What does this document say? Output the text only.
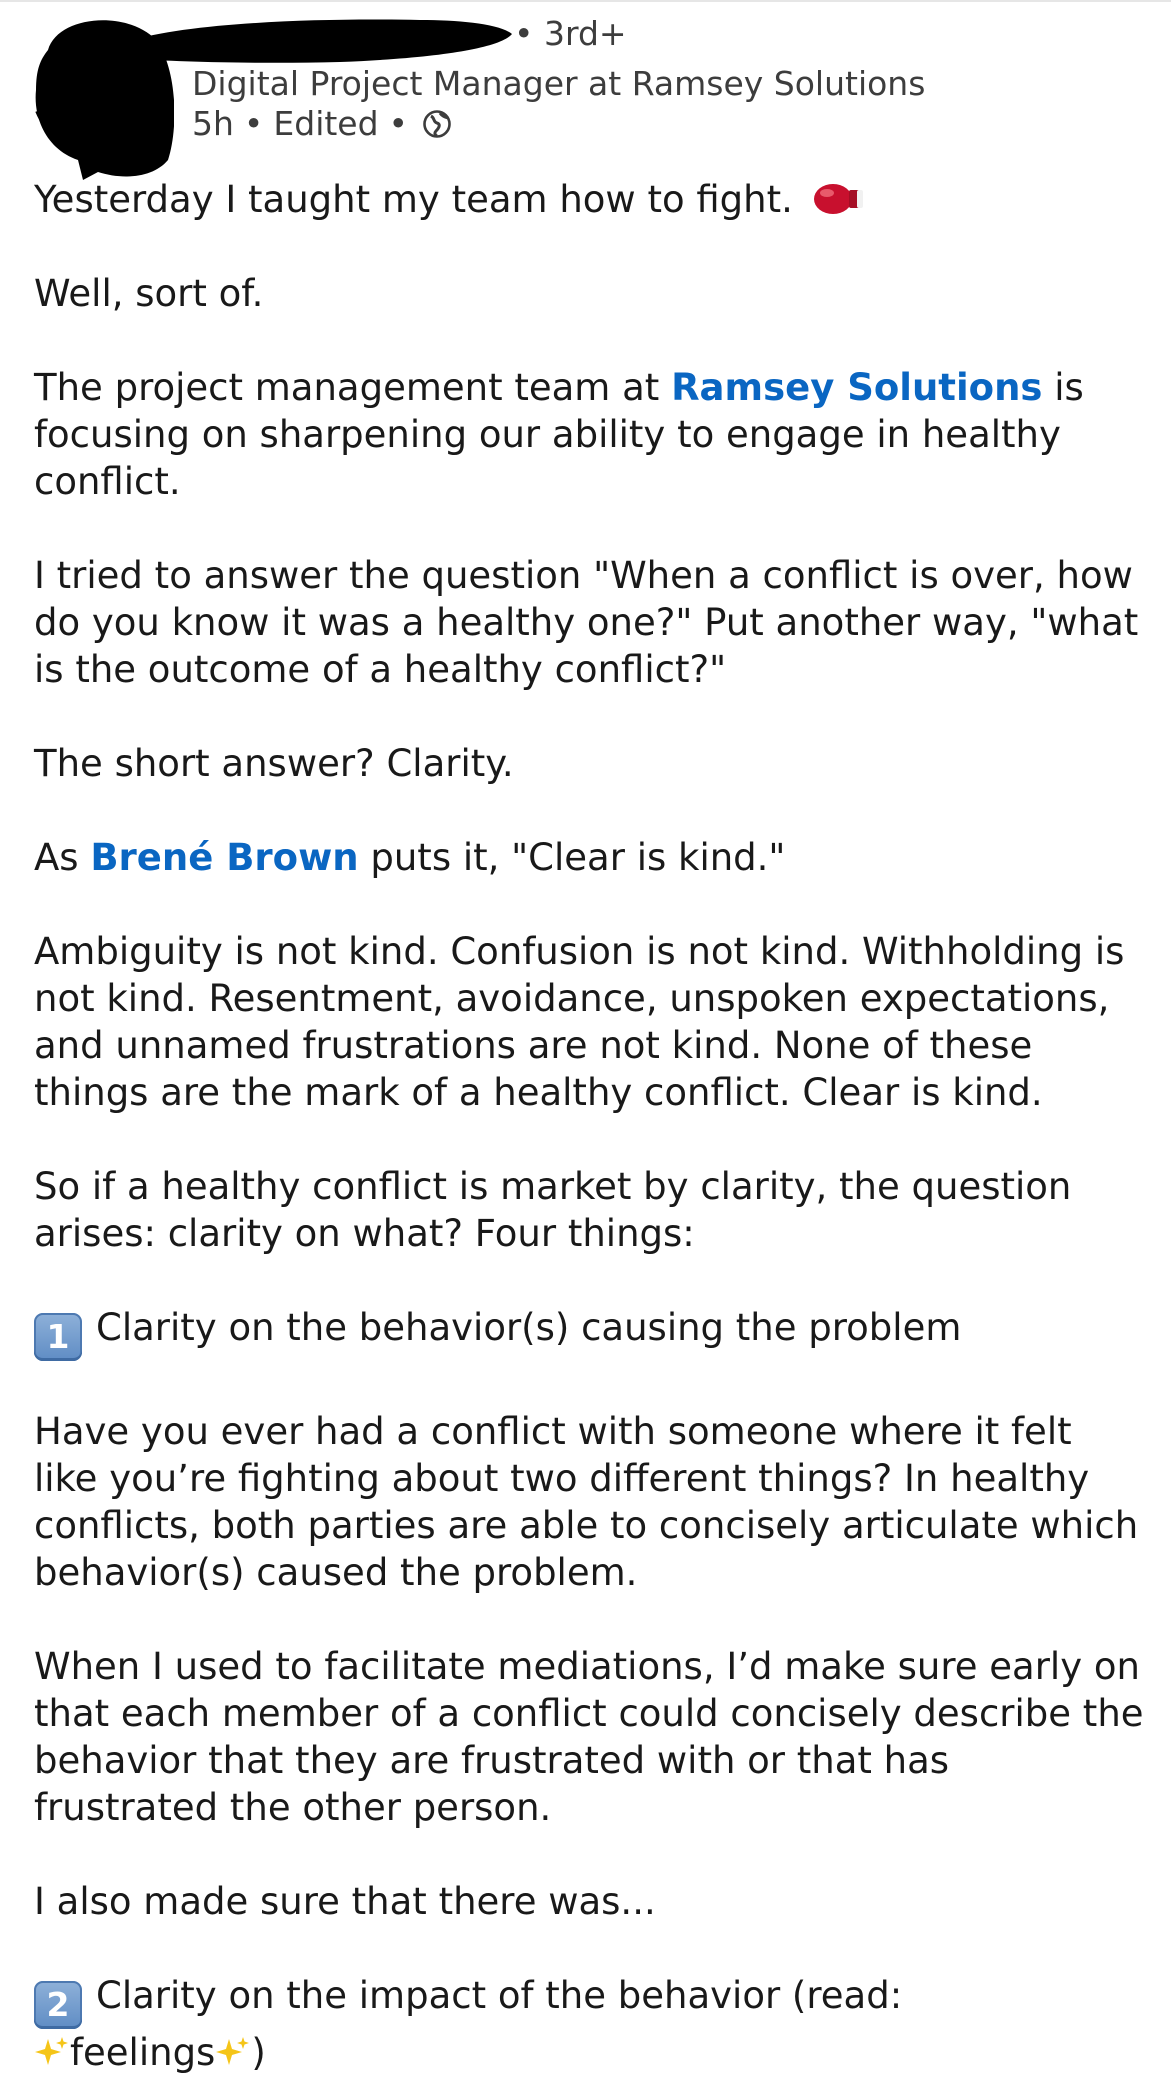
• 3rd+
Digital Project Manager at Ramsey Solutions
5h • Edited •

Yesterday I taught my team how to fight.

Well, sort of.

The project management team at Ramsey Solutions is focusing on sharpening our ability to engage in healthy conflict.

I tried to answer the question "When a conflict is over, how do you know it was a healthy one?" Put another way, "what is the outcome of a healthy conflict?"

The short answer? Clarity.

As Brené Brown puts it, "Clear is kind."

Ambiguity is not kind. Confusion is not kind. Withholding is not kind. Resentment, avoidance, unspoken expectations, and unnamed frustrations are not kind. None of these things are the mark of a healthy conflict. Clear is kind.

So if a healthy conflict is market by clarity, the question arises: clarity on what? Four things:

1 Clarity on the behavior(s) causing the problem

Have you ever had a conflict with someone where it felt like you’re fighting about two different things? In healthy conflicts, both parties are able to concisely articulate which behavior(s) caused the problem.

When I used to facilitate mediations, I’d make sure early on that each member of a conflict could concisely describe the behavior that they are frustrated with or that has frustrated the other person.

I also made sure that there was...

2 Clarity on the impact of the behavior (read:
feelings )
